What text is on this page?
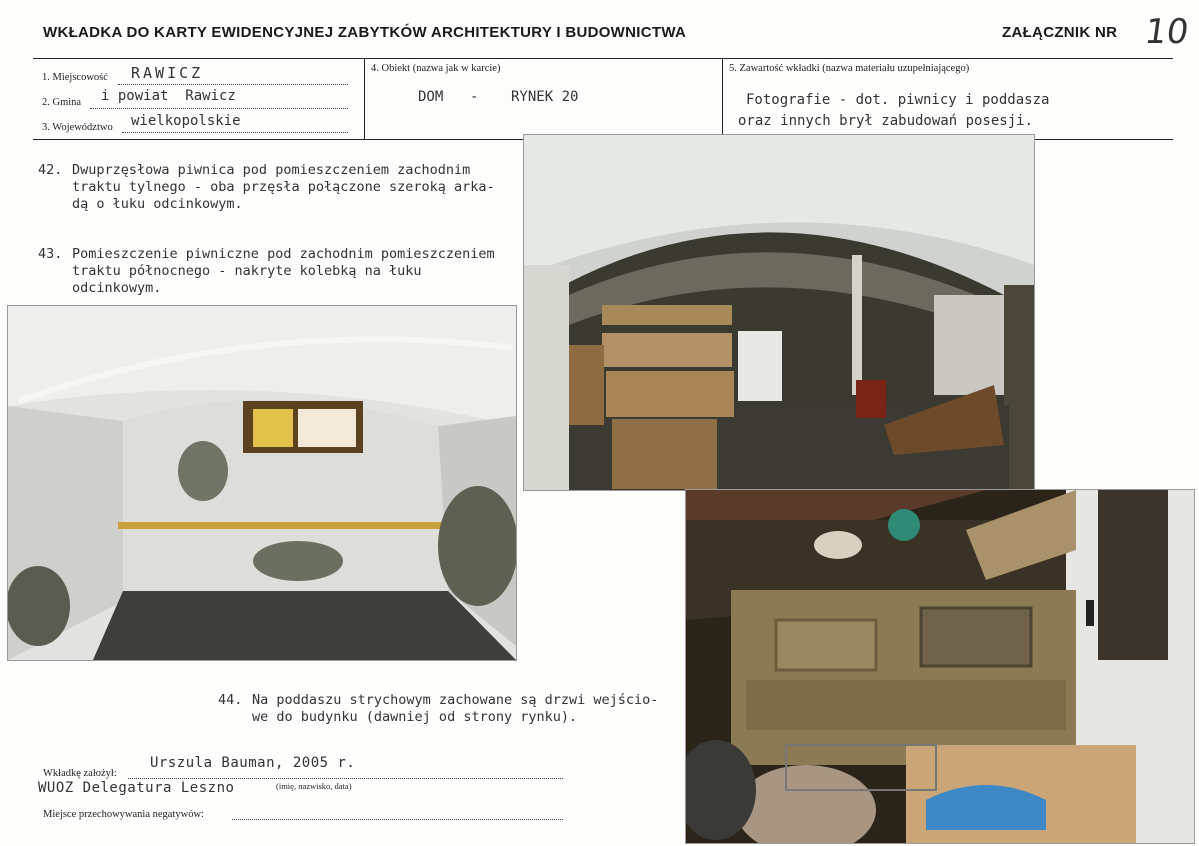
WKŁADKA DO KARTY EWIDENCYJNEJ ZABYTKÓW ARCHITEKTURY I BUDOWNICTWA	ZAŁĄCZNIK NR 10
1. Miejscowość RAWICZ
2. Gmina i powiat  Rawicz
3. Województwo wielkopolskie
4. Obiekt (nazwa jak w karcie)
DOM - RYNEK 20
5. Zawartość wkładki (nazwa materiału uzupełniającego)
Fotografie - dot. piwnicy i poddasza
oraz innych brył zabudowań posesji.
42. Dwuprzęsłowa piwnica pod pomieszczeniem zachodnim
traktu tylnego - oba przęsła połączone szeroką arka-
dą o łuku odcinkowym.
43. Pomieszczenie piwniczne pod zachodnim pomieszczeniem
traktu północnego - nakryte kolebką na łuku
odcinkowym.
44. Na poddaszu strychowym zachowane są drzwi wejścio-
we do budynku (dawniej od strony rynku).
Urszula Bauman, 2005 r.
Wkładkę założył:
WUOZ Delegatura Leszno	(imię, nazwisko, data)
Miejsce przechowywania negatywów:
